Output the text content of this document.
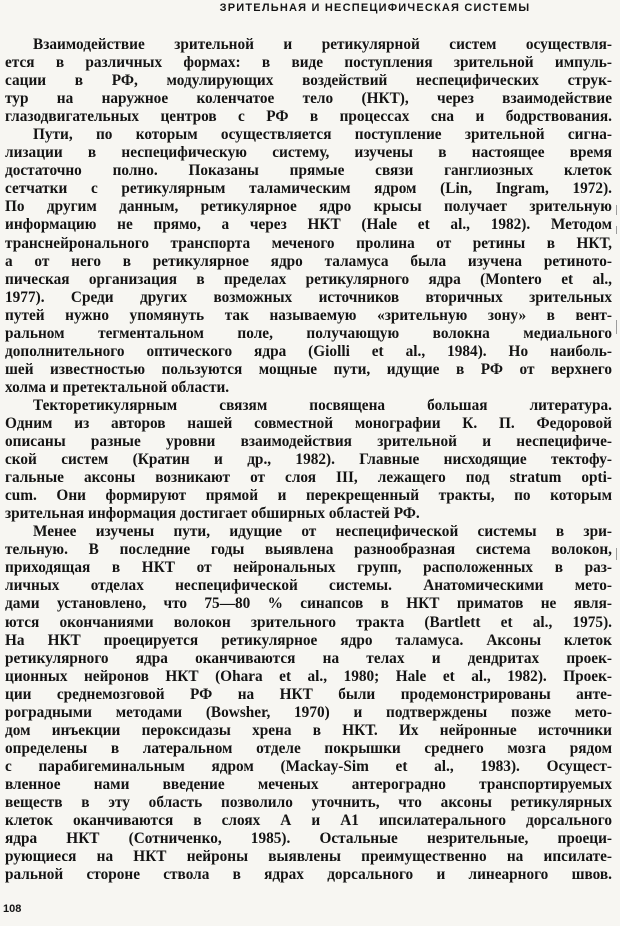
ЗРИТЕЛЬНАЯ И НЕСПЕЦИФИЧЕСКАЯ СИСТЕМЫ
Взаимодействие зрительной и ретикулярной систем осуществля-
ется в различных формах: в виде поступления зрительной импуль-
сации в РФ, модулирующих воздействий неспецифических струк-
тур на наружное коленчатое тело (НКТ), через взаимодействие
глазодвигательных центров с РФ в процессах сна и бодрствования.
Пути, по которым осуществляется поступление зрительной сигна-
лизации в неспецифическую систему, изучены в настоящее время
достаточно полно. Показаны прямые связи ганглиозных клеток
сетчатки с ретикулярным таламическим ядром (Lin, Ingram, 1972).
По другим данным, ретикулярное ядро крысы получает зрительную
информацию не прямо, а через НКТ (Hale et al., 1982). Методом
транснейронального транспорта меченого пролина от ретины в НКТ,
а от него в ретикулярное ядро таламуса была изучена ретинотo-
пическая организация в пределах ретикулярного ядра (Montero et al.,
1977). Среди других возможных источников вторичных зрительных
путей нужно упомянуть так называемую «зрительную зону» в вент-
ральном тегментальном поле, получающую волокна медиального
дополнительного оптического ядра (Giolli et al., 1984). Но наиболь-
шей известностью пользуются мощные пути, идущие в РФ от верхнего
холма и претектальной области.
Текторетикулярным связям посвящена большая литература.
Одним из авторов нашей совместной монографии К. П. Федоровой
описаны разные уровни взаимодействия зрительной и неспецифиче-
ской систем (Кратин и др., 1982). Главные нисходящие тектофу-
гальные аксоны возникают от слоя III, лежащего под stratum opti-
cum. Они формируют прямой и перекрещенный тракты, по которым
зрительная информация достигает обширных областей РФ.
Менее изучены пути, идущие от неспецифической системы в зри-
тельную. В последние годы выявлена разнообразная система волокон,
приходящая в НКТ от нейрональных групп, расположенных в раз-
личных отделах неспецифической системы. Анатомическими мето-
дами установлено, что 75—80 % синапсов в НКТ приматов не явля-
ются окончаниями волокон зрительного тракта (Bartlett et al., 1975).
На НКТ проецируется ретикулярное ядро таламуса. Аксоны клеток
ретикулярного ядра оканчиваются на телах и дендритах проек-
ционных нейронов НКТ (Ohara et al., 1980; Hale et al., 1982). Проек-
ции среднемозговой РФ на НКТ были продемонстрированы анте-
роградными методами (Bowsher, 1970) и подтверждены позже мето-
дом инъекции пероксидазы хрена в НКТ. Их нейронные источники
определены в латеральном отделе покрышки среднего мозга рядом
с парабигеминальным ядром (Mackay-Sim et al., 1983). Осущест-
вленное нами введение меченых антероградно транспортируемых
веществ в эту область позволило уточнить, что аксоны ретикулярных
клеток оканчиваются в слоях А и А1 ипсилатерального дорсального
ядра НКТ (Сотниченко, 1985). Остальные незрительные, проеци-
рующиеся на НКТ нейроны выявлены преимущественно на ипсилате-
ральной стороне ствола в ядрах дорсального и линеарного швов.
108
